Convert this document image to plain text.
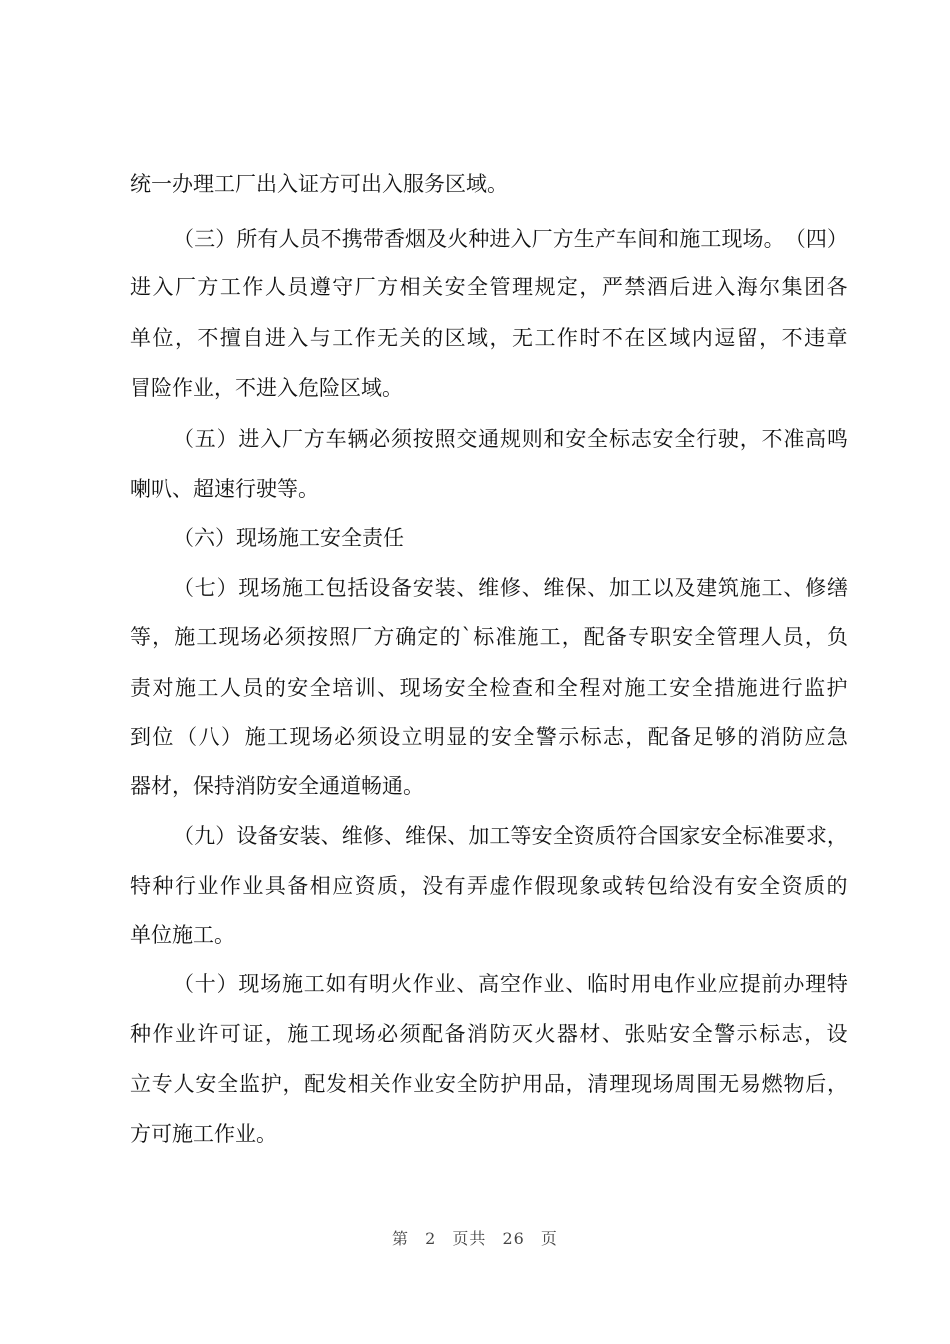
统一办理工厂出入证方可出入服务区域。
（ 三 ） 所 有 人 员 不 携 带 香 烟 及 火 种 进 入 厂 方 生 产 车 间 和 施 工 现 场 。 （ 四 ）
进 入 厂 方 工 作 人 员 遵 守 厂 方 相 关 安 全 管 理 规 定 ， 严 禁 酒 后 进 入 海 尔 集 团 各
单 位 ， 不 擅 自 进 入 与 工 作 无 关 的 区 域 ， 无 工 作 时 不 在 区 域 内 逗 留 ， 不 违 章
冒险作业，不进入危险区域。
（ 五 ） 进 入 厂 方 车 辆 必 须 按 照 交 通 规 则 和 安 全 标 志 安 全 行 驶 ， 不 准 高 鸣
喇叭、超速行驶等。
（六）现场施工安全责任
（ 七 ） 现 场 施 工 包 括 设 备 安 装 、 维 修 、 维 保 、 加 工 以 及 建 筑 施 工 、 修 缮
等 ， 施 工 现 场 必 须 按 照 厂 方 确 定 的 ` 标 准 施 工 ， 配 备 专 职 安 全 管 理 人 员 ， 负
责 对 施 工 人 员 的 安 全 培 训 、 现 场 安 全 检 查 和 全 程 对 施 工 安 全 措 施 进 行 监 护
到 位 （ 八 ） 施 工 现 场 必 须 设 立 明 显 的 安 全 警 示 标 志 ， 配 备 足 够 的 消 防 应 急
器材，保持消防安全通道畅通。
（ 九 ） 设 备 安 装 、 维 修 、 维 保 、 加 工 等 安 全 资 质 符 合 国 家 安 全 标 准 要 求 ，
特 种 行 业 作 业 具 备 相 应 资 质 ， 没 有 弄 虚 作 假 现 象 或 转 包 给 没 有 安 全 资 质 的
单位施工。
（ 十 ） 现 场 施 工 如 有 明 火 作 业 、 高 空 作 业 、 临 时 用 电 作 业 应 提 前 办 理 特
种 作 业 许 可 证 ， 施 工 现 场 必 须 配 备 消 防 灭 火 器 材 、 张 贴 安 全 警 示 标 志 ， 设
立 专 人 安 全 监 护 ， 配 发 相 关 作 业 安 全 防 护 用 品 ， 清 理 现 场 周 围 无 易 燃 物 后 ，
方可施工作业。
第 2 页共 26 页
